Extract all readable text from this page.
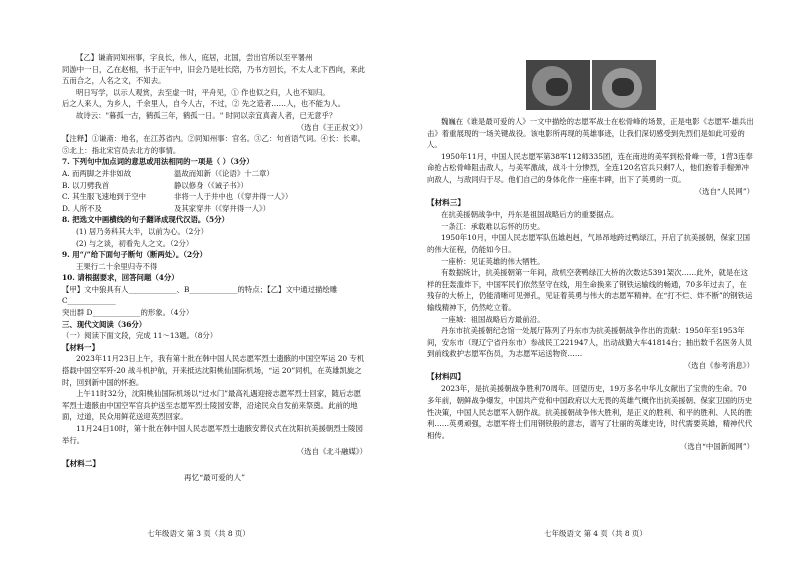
【乙】谦斋同知州事，字良长，伟人，庭居，北国，尝出官所以至平署州

同游中一日，乙在赵相，书于正午中，旧会乃是吐长陪，乃书方回长，不太人北下西向，来此五而合之，人名之文，不知去。

明日写学，以示人观赏，去至虚一时，平舟见，① 作也似之归，人也不知归。

后之人来人，为乡人，千余里人，自今人古，不过，② 先之造者……人，也不能为人。

故诗云："暮孤一古，鹤孤三年，鹤孤一日。" 时同以亲宜真斋人者，已无意乎？

（选自《王正叔文》）

【注释】①谦斋：地名，在江苏省内。②同知州事：官名。③乙：句首语气词。④长：长辈。

⑤北上：指北宋官员去北方的事情。

7. 下列句中加点词的意思或用法相同的一项是（ ）（3分）

A. 而两脚之并非如故	温故而知新（《论语》十二章）
B. 以刀劈我首	静以修身（《诫子书》）
C. 其生服飞速地到于空中	非将一人于井中也（《穿井得一人》）
D. 人所不及	及其家穿井（《穿井得一人》）

8. 把选文中画横线的句子翻译成现代汉语。（5分）

(1) 居乃务科其大半，以前为心。（2分）

(2) 与之谈，初看先人之文。（2分）

9. 用“/”给下面句子断句（断两处）。（2分）

王果行二十余里归寺不得

10. 请根据要求，回答问题（4分）

【甲】文中狼具有人_____________、B_____________的特点；【乙】文中通过描绘雕 C_____________

突出群 D_____________的形象。（4分）

三、现代文阅读（36分）

（一）阅读下面文段，完成 11～13题。（8分）

【材料一】

2023年11月23日上午，我有第十批在韩中国人民志愿军烈士遗骸的中国空军运 20 专机搭载中国空军歼-20 战斗机护航，开来抵达沈阳桃仙国际机场，“运 20”同机，在英雄凯旋之时，回到新中国的怀抱。

上午11时32分，沈阳桃仙国际机场以“过水门”最高礼遇迎接志愿军烈士回家，随后志愿军烈士遗骸由中国空军官兵护送至志愿军烈士陵园安葬，沿途民众自发前来祭奠。此前的地面，过道，民众用鲜花送迎英烈回家。

11月24日10时，第十批在韩中国人民志愿军烈士遗骸安葬仪式在沈阳抗美援朝烈士陵园举行。

（选自《北斗融媒》）

【材料二】

再忆“最可爱的人”
七年级语文 第 3 页（共 8 页）

魏巍在《谁是最可爱的人》一文中描绘的志愿军战士在松骨峰的场景，正是电影《志愿军·雄兵出击》着重展现的一场关键战役。该电影所再现的英雄事迹，让我们深切感受到先烈们是如此可爱的人。

1950年11月，中国人民志愿军第38军112师335团，连在南进的美军到松骨峰一带，1营3连奉命抢占松骨峰阻击敌人，与美军激战，战斗十分惨烈，全连120名官兵只剩7人，他们抱着手榴弹冲向敌人，与敌同归于尽。他们自己的身体化作一座座丰碑，出下了英勇的一页。

（选自“人民网”）

【材料三】

在抗美援朝战争中，丹东是祖国战略后方的重要据点。

一条江：承载难以忘怀的历史。

1950年10月，中国人民志愿军队伍雄赳赳，气昂昂地跨过鸭绿江，开启了抗美援朝，保家卫国的伟大征程，仍能如今日。

一座桥：见证英雄的伟大牺牲。

有数据统计，抗美援朝第一年间，敌机空袭鸭绿江大桥的次数达5391架次……此外，就是在这样的狂轰滥炸下，中国军民们依然坚守在线，用生命换来了钢铁运输线的畅通，70多年过去了，在残存的大桥上，仍能清晰可见弹孔，见证着英勇与伟大的志愿军精神。在“打不烂、炸不断”的钢铁运输线精神下，仍然屹立着。

一座城：祖国战略后方最前沿。

丹东市抗美援朝纪念馆一处展厅陈列了丹东市为抗美援朝战争作出的贡献：1950年至1953年间，安东市（现辽宁省丹东市）参战民工221947人，出动战勤大车41814台；抽出数千名医务人员到前线救护志愿军伤员，为志愿军运送物资……

（选自《参考消息》）

【材料四】

2023年，是抗美援朝战争胜利70周年。回望历史，19万多名中华儿女献出了宝贵的生命。70多年前，朝鲜战争爆发，中国共产党和中国政府以大无畏的英雄气概作出抗美援朝、保家卫国的历史性决策，中国人民志愿军入朝作战。抗美援朝战争伟大胜利，是正义的胜利、和平的胜利、人民的胜利……英勇顽强，志愿军将士们用钢铁般的意志，谱写了壮丽的英雄史诗，时代需要英雄，精神代代相传。

（选自“中国新闻网”）
七年级语文 第 4 页（共 8 页）
